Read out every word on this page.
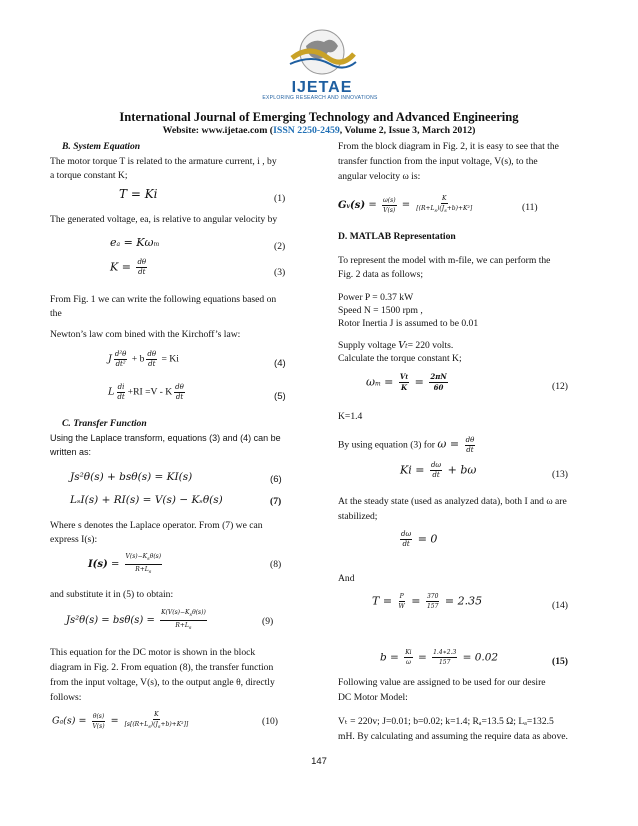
IJETAE
EXPLORING RESEARCH AND INNOVATIONS
International Journal of Emerging Technology and Advanced Engineering
Website: www.ijetae.com (ISSN 2250-2459, Volume 2, Issue 3, March 2012)
B. System Equation
The motor torque T is related to the armature current, i , by
a torque constant K;
T = Ki	(1)
The generated voltage, ea, is relative to angular velocity by
ea = Kωm	(2)
$K = \frac{d\theta}{dt}$	(3)
From Fig. 1 we can write the following equations based on
the
Newton’s law com bined with the Kirchoff’s law:
J $\frac{\text{d²θ}}{\text{dt²}} + b \frac{d\theta}{dt} = Ki$	(4)
L $\frac{di}{dt} +RI =V - K \frac{d\theta}{dt}$	(5)
C. Transfer Function
Using the Laplace transform, equations (3) and (4) can be
written as:
Js²θ(s) + bsθ(s) = KI(s)	(6)
LₛI(s) + RI(s) = V(s) − Kₛθ(s)	(7)
Where s denotes the Laplace operator. From (7) we can
express I(s):
$I(s) = \frac{V(s)-K_s\theta(s)}{R+L_s}$	(8)
and substitute it in (5) to obtain:
$Js^2\theta(s) = bs\theta(s) = \frac{K(V(s)-K_s\theta(s))}{R+L_s}$	(9)
This equation for the DC motor is shown in the block
diagram in Fig. 2. From equation (8), the transfer function
from the input voltage, V(s), to the output angle θ, directly
follows:
$Ga(s) = \frac{\theta(s)}{V(s)} = \frac{K}{[s[(R+L_s)(J_s+b)+K^2]]}$	(10)
From the block diagram in Fig. 2, it is easy to see that the
transfer function from the input voltage, V(s), to the
angular velocity ω is:
$Gv(s) = \frac{\omega(s)}{V(s)} = \frac{K}{[(R+L_s)(J_s+b)+K^2]}$	(11)
D. MATLAB Representation
To represent the model with m-file, we can perform the
Fig. 2 data as follows;
Power P = 0.37 kW
Speed N = 1500 rpm ,
Rotor Inertia J is assumed to be 0.01
Supply voltage Vt= 220 volts.
Calculate the torque constant K;
$\omega m = \frac{Vt}{K} = \frac{2\pi N}{60}$	(12)
K=1.4
By using equation (3) for $\omega = \frac{d\theta}{dt}$
$Ki = \frac{d\omega}{dt} + b\omega$	(13)
At the steady state (used as analyzed data), both I and ω are
stabilized;
$\frac{d\omega}{dt} = 0$
And
$T = \frac{P}{W} = \frac{370}{157} = 2.35$	(14)
$b = \frac{Ki}{\omega} = \frac{1.4∗2.3}{157} = 0.02$	(15)
Following value are assigned to be used for our desire
DC Motor Model:
Vₜ = 220v; J=0.01; b=0.02; k=1.4; Rₐ=13.5 Ω; Lₐ=132.5
mH. By calculating and assuming the require data as above.
147
